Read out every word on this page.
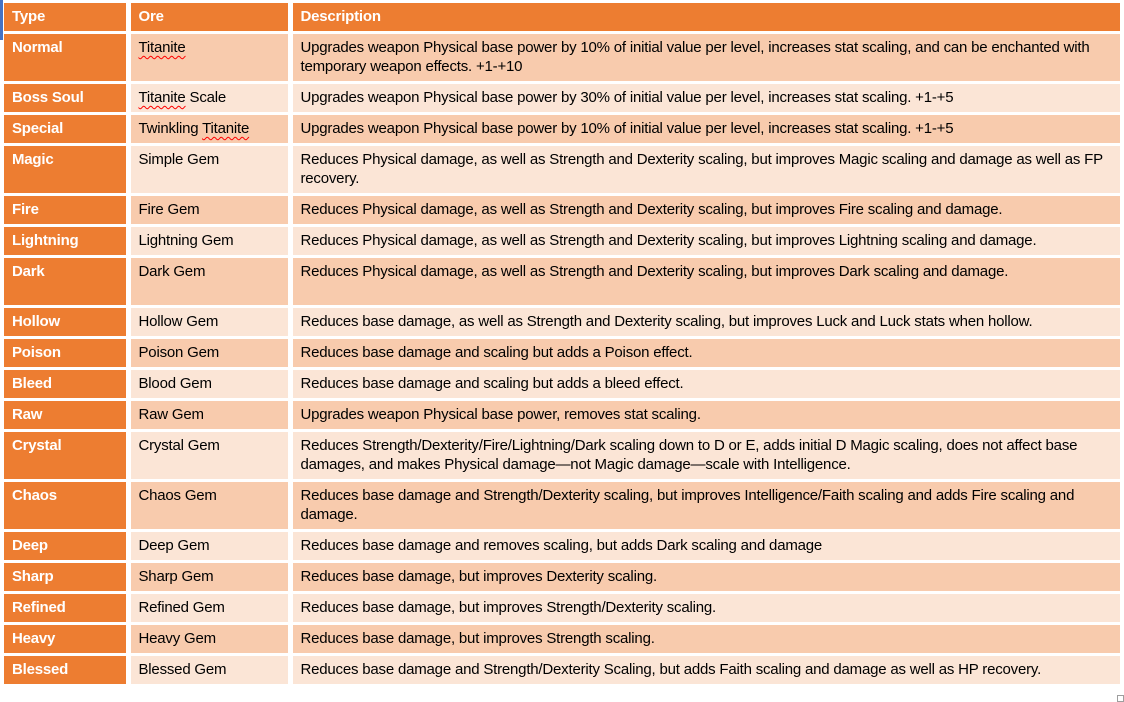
Type	Ore	Description
Normal	Titanite	Upgrades weapon Physical base power by 10% of initial value per level, increases stat scaling, and can be enchanted with temporary weapon effects. +1-+10
Boss Soul	Titanite Scale	Upgrades weapon Physical base power by 30% of initial value per level, increases stat scaling. +1-+5
Special	Twinkling Titanite	Upgrades weapon Physical base power by 10% of initial value per level, increases stat scaling. +1-+5
Magic	Simple Gem	Reduces Physical damage, as well as Strength and Dexterity scaling, but improves Magic scaling and damage as well as FP recovery.
Fire	Fire Gem	Reduces Physical damage, as well as Strength and Dexterity scaling, but improves Fire scaling and damage.
Lightning	Lightning Gem	Reduces Physical damage, as well as Strength and Dexterity scaling, but improves Lightning scaling and damage.
Dark	Dark Gem	Reduces Physical damage, as well as Strength and Dexterity scaling, but improves Dark scaling and damage.

Hollow	Hollow Gem	Reduces base damage, as well as Strength and Dexterity scaling, but improves Luck and Luck stats when hollow.
Poison	Poison Gem	Reduces base damage and scaling but adds a Poison effect.
Bleed	Blood Gem	Reduces base damage and scaling but adds a bleed effect.
Raw	Raw Gem	Upgrades weapon Physical base power, removes stat scaling.
Crystal	Crystal Gem	Reduces Strength/Dexterity/Fire/Lightning/Dark scaling down to D or E, adds initial D Magic scaling, does not affect base damages, and makes Physical damage—not Magic damage—scale with Intelligence.
Chaos	Chaos Gem	Reduces base damage and Strength/Dexterity scaling, but improves Intelligence/Faith scaling and adds Fire scaling and damage.
Deep	Deep Gem	Reduces base damage and removes scaling, but adds Dark scaling and damage
Sharp	Sharp Gem	Reduces base damage, but improves Dexterity scaling.
Refined	Refined Gem	Reduces base damage, but improves Strength/Dexterity scaling.
Heavy	Heavy Gem	Reduces base damage, but improves Strength scaling.
Blessed	Blessed Gem	Reduces base damage and Strength/Dexterity Scaling, but adds Faith scaling and damage as well as HP recovery.
